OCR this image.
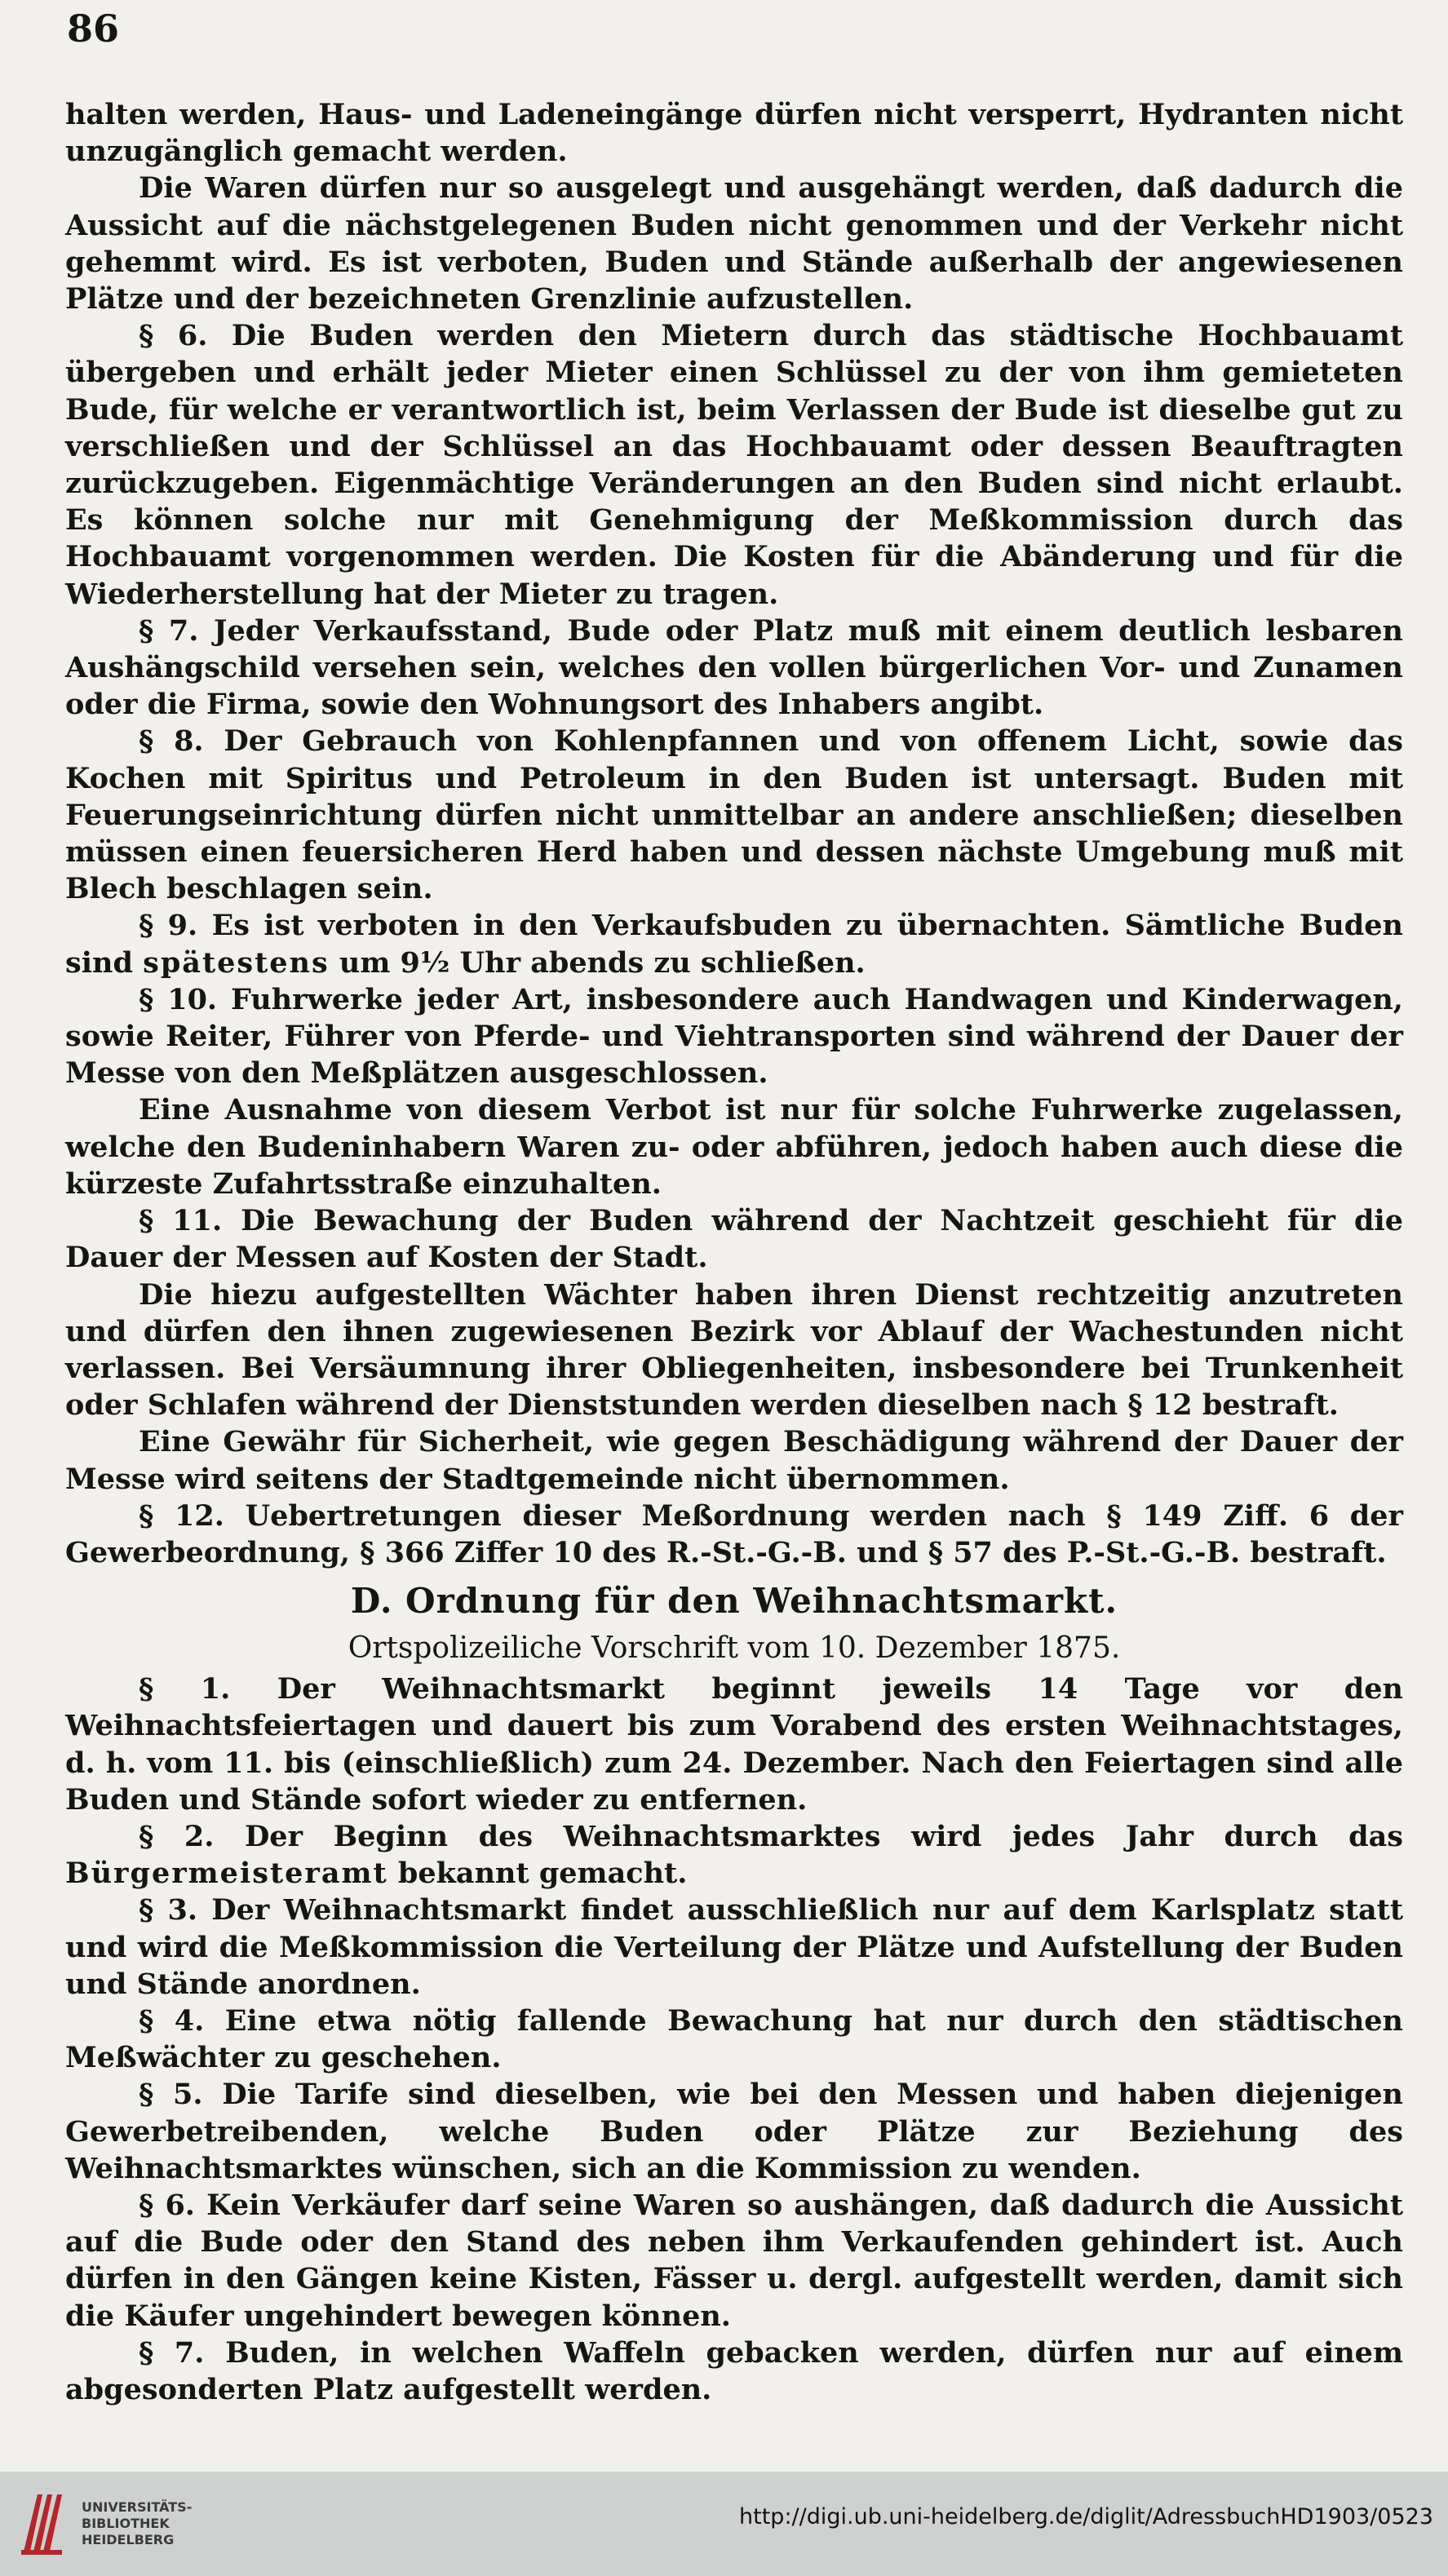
86

halten werden, Haus- und Ladeneingänge dürfen nicht versperrt, Hydranten nicht unzugänglich gemacht werden.

Die Waren dürfen nur so ausgelegt und ausgehängt werden, daß dadurch die Aussicht auf die nächstgelegenen Buden nicht genommen und der Verkehr nicht gehemmt wird. Es ist verboten, Buden und Stände außerhalb der angewiesenen Plätze und der bezeichneten Grenzlinie aufzustellen.

§ 6. Die Buden werden den Mietern durch das städtische Hochbauamt übergeben und erhält jeder Mieter einen Schlüssel zu der von ihm gemieteten Bude, für welche er verantwortlich ist, beim Verlassen der Bude ist dieselbe gut zu verschließen und der Schlüssel an das Hochbauamt oder dessen Beauftragten zurückzugeben. Eigenmächtige Veränderungen an den Buden sind nicht erlaubt. Es können solche nur mit Genehmigung der Meßkommission durch das Hochbauamt vorgenommen werden. Die Kosten für die Abänderung und für die Wiederherstellung hat der Mieter zu tragen.

§ 7. Jeder Verkaufsstand, Bude oder Platz muß mit einem deutlich lesbaren Aushängschild versehen sein, welches den vollen bürgerlichen Vor- und Zunamen oder die Firma, sowie den Wohnungsort des Inhabers angibt.

§ 8. Der Gebrauch von Kohlenpfannen und von offenem Licht, sowie das Kochen mit Spiritus und Petroleum in den Buden ist untersagt. Buden mit Feuerungseinrichtung dürfen nicht unmittelbar an andere anschließen; dieselben müssen einen feuersicheren Herd haben und dessen nächste Umgebung muß mit Blech beschlagen sein.

§ 9. Es ist verboten in den Verkaufsbuden zu übernachten. Sämtliche Buden sind spätestens um 9½ Uhr abends zu schließen.

§ 10. Fuhrwerke jeder Art, insbesondere auch Handwagen und Kinderwagen, sowie Reiter, Führer von Pferde- und Viehtransporten sind während der Dauer der Messe von den Meßplätzen ausgeschlossen.

Eine Ausnahme von diesem Verbot ist nur für solche Fuhrwerke zugelassen, welche den Budeninhabern Waren zu- oder abführen, jedoch haben auch diese die kürzeste Zufahrtsstraße einzuhalten.

§ 11. Die Bewachung der Buden während der Nachtzeit geschieht für die Dauer der Messen auf Kosten der Stadt.

Die hiezu aufgestellten Wächter haben ihren Dienst rechtzeitig anzutreten und dürfen den ihnen zugewiesenen Bezirk vor Ablauf der Wachestunden nicht verlassen. Bei Versäumnung ihrer Obliegenheiten, insbesondere bei Trunkenheit oder Schlafen während der Dienststunden werden dieselben nach § 12 bestraft.

Eine Gewähr für Sicherheit, wie gegen Beschädigung während der Dauer der Messe wird seitens der Stadtgemeinde nicht übernommen.

§ 12. Uebertretungen dieser Meßordnung werden nach § 149 Ziff. 6 der Gewerbeordnung, § 366 Ziffer 10 des R.-St.-G.-B. und § 57 des P.-St.-G.-B. bestraft.

D. Ordnung für den Weihnachtsmarkt.

Ortspolizeiliche Vorschrift vom 10. Dezember 1875.

§ 1. Der Weihnachtsmarkt beginnt jeweils 14 Tage vor den Weihnachtsfeiertagen und dauert bis zum Vorabend des ersten Weihnachtstages, d. h. vom 11. bis (einschließlich) zum 24. Dezember. Nach den Feiertagen sind alle Buden und Stände sofort wieder zu entfernen.

§ 2. Der Beginn des Weihnachtsmarktes wird jedes Jahr durch das Bürgermeisteramt bekannt gemacht.

§ 3. Der Weihnachtsmarkt findet ausschließlich nur auf dem Karlsplatz statt und wird die Meßkommission die Verteilung der Plätze und Aufstellung der Buden und Stände anordnen.

§ 4. Eine etwa nötig fallende Bewachung hat nur durch den städtischen Meßwächter zu geschehen.

§ 5. Die Tarife sind dieselben, wie bei den Messen und haben diejenigen Gewerbetreibenden, welche Buden oder Plätze zur Beziehung des Weihnachtsmarktes wünschen, sich an die Kommission zu wenden.

§ 6. Kein Verkäufer darf seine Waren so aushängen, daß dadurch die Aussicht auf die Bude oder den Stand des neben ihm Verkaufenden gehindert ist. Auch dürfen in den Gängen keine Kisten, Fässer u. dergl. aufgestellt werden, damit sich die Käufer ungehindert bewegen können.

§ 7. Buden, in welchen Waffeln gebacken werden, dürfen nur auf einem abgesonderten Platz aufgestellt werden.

UNIVERSITÄTS-
BIBLIOTHEK
HEIDELBERG
http://digi.ub.uni-heidelberg.de/diglit/AdressbuchHD1903/0523
